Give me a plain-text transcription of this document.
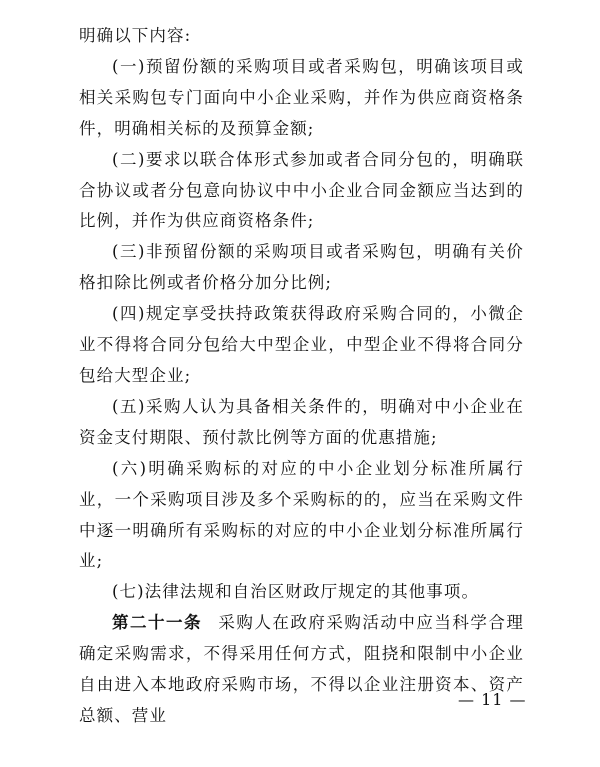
明确以下内容:

(一)预留份额的采购项目或者采购包，明确该项目或相关采购包专门面向中小企业采购，并作为供应商资格条件，明确相关标的及预算金额;

(二)要求以联合体形式参加或者合同分包的，明确联合协议或者分包意向协议中中小企业合同金额应当达到的比例，并作为供应商资格条件;

(三)非预留份额的采购项目或者采购包，明确有关价格扣除比例或者价格分加分比例;

(四)规定享受扶持政策获得政府采购合同的，小微企业不得将合同分包给大中型企业，中型企业不得将合同分包给大型企业;

(五)采购人认为具备相关条件的，明确对中小企业在资金支付期限、预付款比例等方面的优惠措施;

(六)明确采购标的对应的中小企业划分标准所属行业，一个采购项目涉及多个采购标的的，应当在采购文件中逐一明确所有采购标的对应的中小企业划分标准所属行业;

(七)法律法规和自治区财政厅规定的其他事项。

第二十一条 采购人在政府采购活动中应当科学合理确定采购需求，不得采用任何方式，阻挠和限制中小企业自由进入本地政府采购市场，不得以企业注册资本、资产总额、营业

— 11 —
